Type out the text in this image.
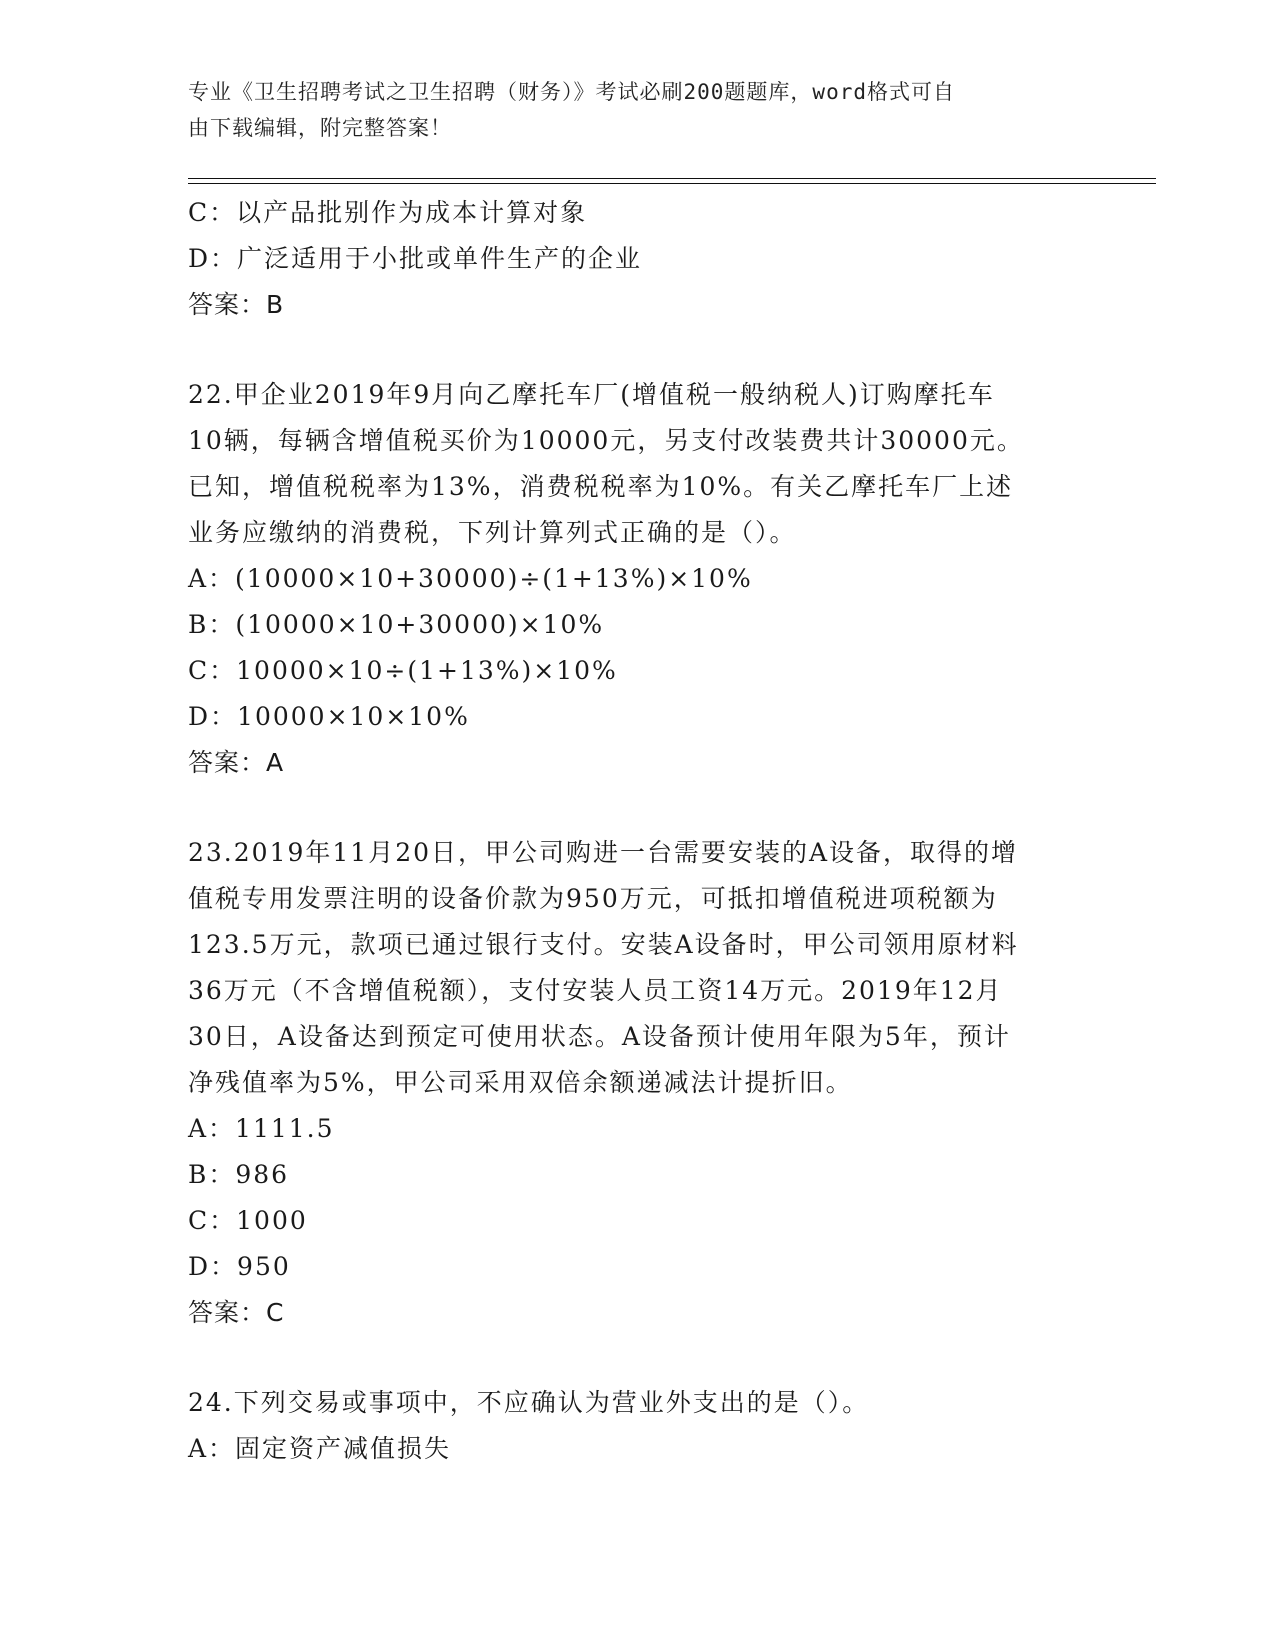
专业《卫生招聘考试之卫生招聘（财务）》考试必刷200题题库，word格式可自
由下载编辑，附完整答案！
C：以产品批别作为成本计算对象
D：广泛适用于小批或单件生产的企业
答案：B
22.甲企业2019年9月向乙摩托车厂(增值税一般纳税人)订购摩托车
10辆，每辆含增值税买价为10000元，另支付改装费共计30000元。
已知，增值税税率为13%，消费税税率为10%。有关乙摩托车厂上述
业务应缴纳的消费税，下列计算列式正确的是（）。
A：(10000×10+30000)÷(1+13%)×10%
B：(10000×10+30000)×10%
C：10000×10÷(1+13%)×10%
D：10000×10×10%
答案：A
23.2019年11月20日，甲公司购进一台需要安装的A设备，取得的增
值税专用发票注明的设备价款为950万元，可抵扣增值税进项税额为
123.5万元，款项已通过银行支付。安装A设备时，甲公司领用原材料
36万元（不含增值税额），支付安装人员工资14万元。2019年12月
30日，A设备达到预定可使用状态。A设备预计使用年限为5年，预计
净残值率为5%，甲公司采用双倍余额递减法计提折旧。
A：1111.5
B：986
C：1000
D：950
答案：C
24.下列交易或事项中，不应确认为营业外支出的是（）。
A：固定资产减值损失
